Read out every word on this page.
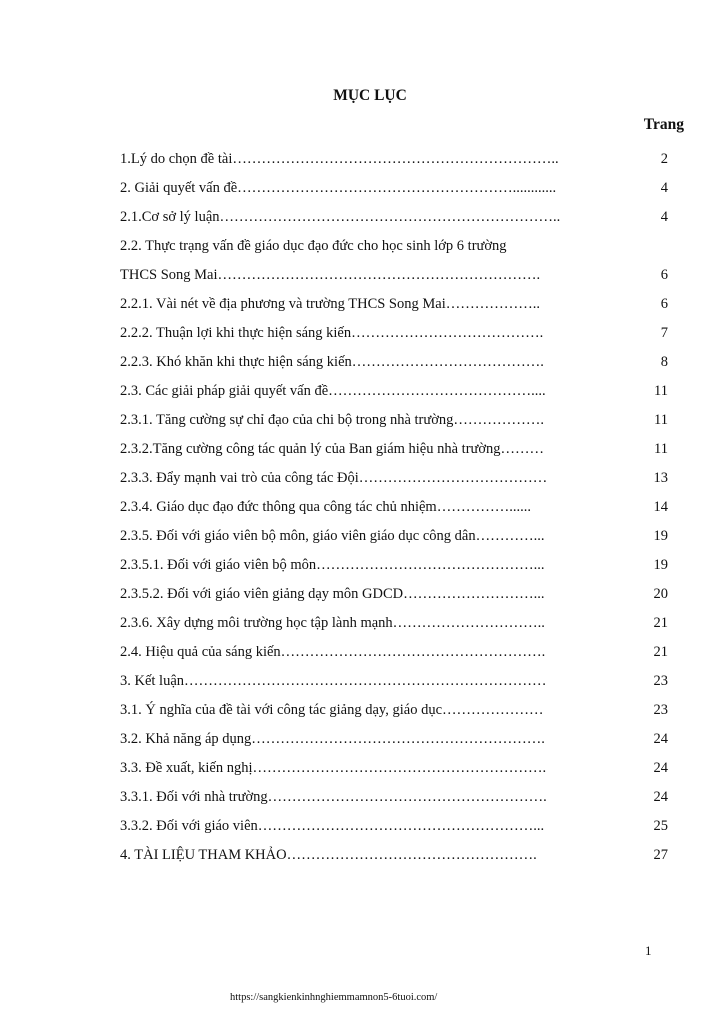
MỤC LỤC
Trang
1.Lý do chọn đề tài…………………………………………………………..	2
2. Giải quyết vấn đề…………………………………………………............	4
2.1.Cơ sở lý luận……………………………………………………………..	4
2.2. Thực trạng vấn đề giáo dục đạo đức cho học sinh lớp 6 trường
THCS Song Mai………………………………………………………….	6
2.2.1. Vài nét về địa phương và trường THCS Song Mai………………..	6
2.2.2. Thuận lợi khi thực hiện sáng kiến………………………………….	7
2.2.3. Khó khăn khi thực hiện sáng kiến………………………………….	8
2.3. Các giải pháp giải quyết vấn đề……………………………………....	11
2.3.1. Tăng cường sự chỉ đạo của chi bộ trong nhà trường……………….	11
2.3.2.Tăng cường công tác quản lý của Ban giám hiệu nhà trường………	11
2.3.3. Đẩy mạnh vai trò của công tác Đội…………………………………	13
2.3.4. Giáo dục đạo đức thông qua công tác chủ nhiệm……………......	14
2.3.5. Đối với giáo viên bộ môn, giáo viên giáo dục công dân…………...	19
2.3.5.1. Đối với giáo viên bộ môn………………………………………...	19
2.3.5.2. Đối với giáo viên giảng dạy môn GDCD………………………...	20
2.3.6. Xây dựng môi trường học tập lành mạnh…………………………..	21
2.4. Hiệu quả của sáng kiến……………………………………………….	21
3. Kết luận…………………………………………………………………	23
3.1. Ý nghĩa của đề tài với công tác giảng dạy, giáo dục…………………	23
3.2. Khả năng áp dụng…………………………………………………….	24
3.3. Đề xuất, kiến nghị…………………………………………………….	24
3.3.1. Đối với nhà trường………………………………………………….	24
3.3.2. Đối với giáo viên…………………………………………………...	25
4. TÀI LIỆU THAM KHẢO…………………………………………….	27
1
https://sangkienkinhnghiemmamnon5-6tuoi.com/
